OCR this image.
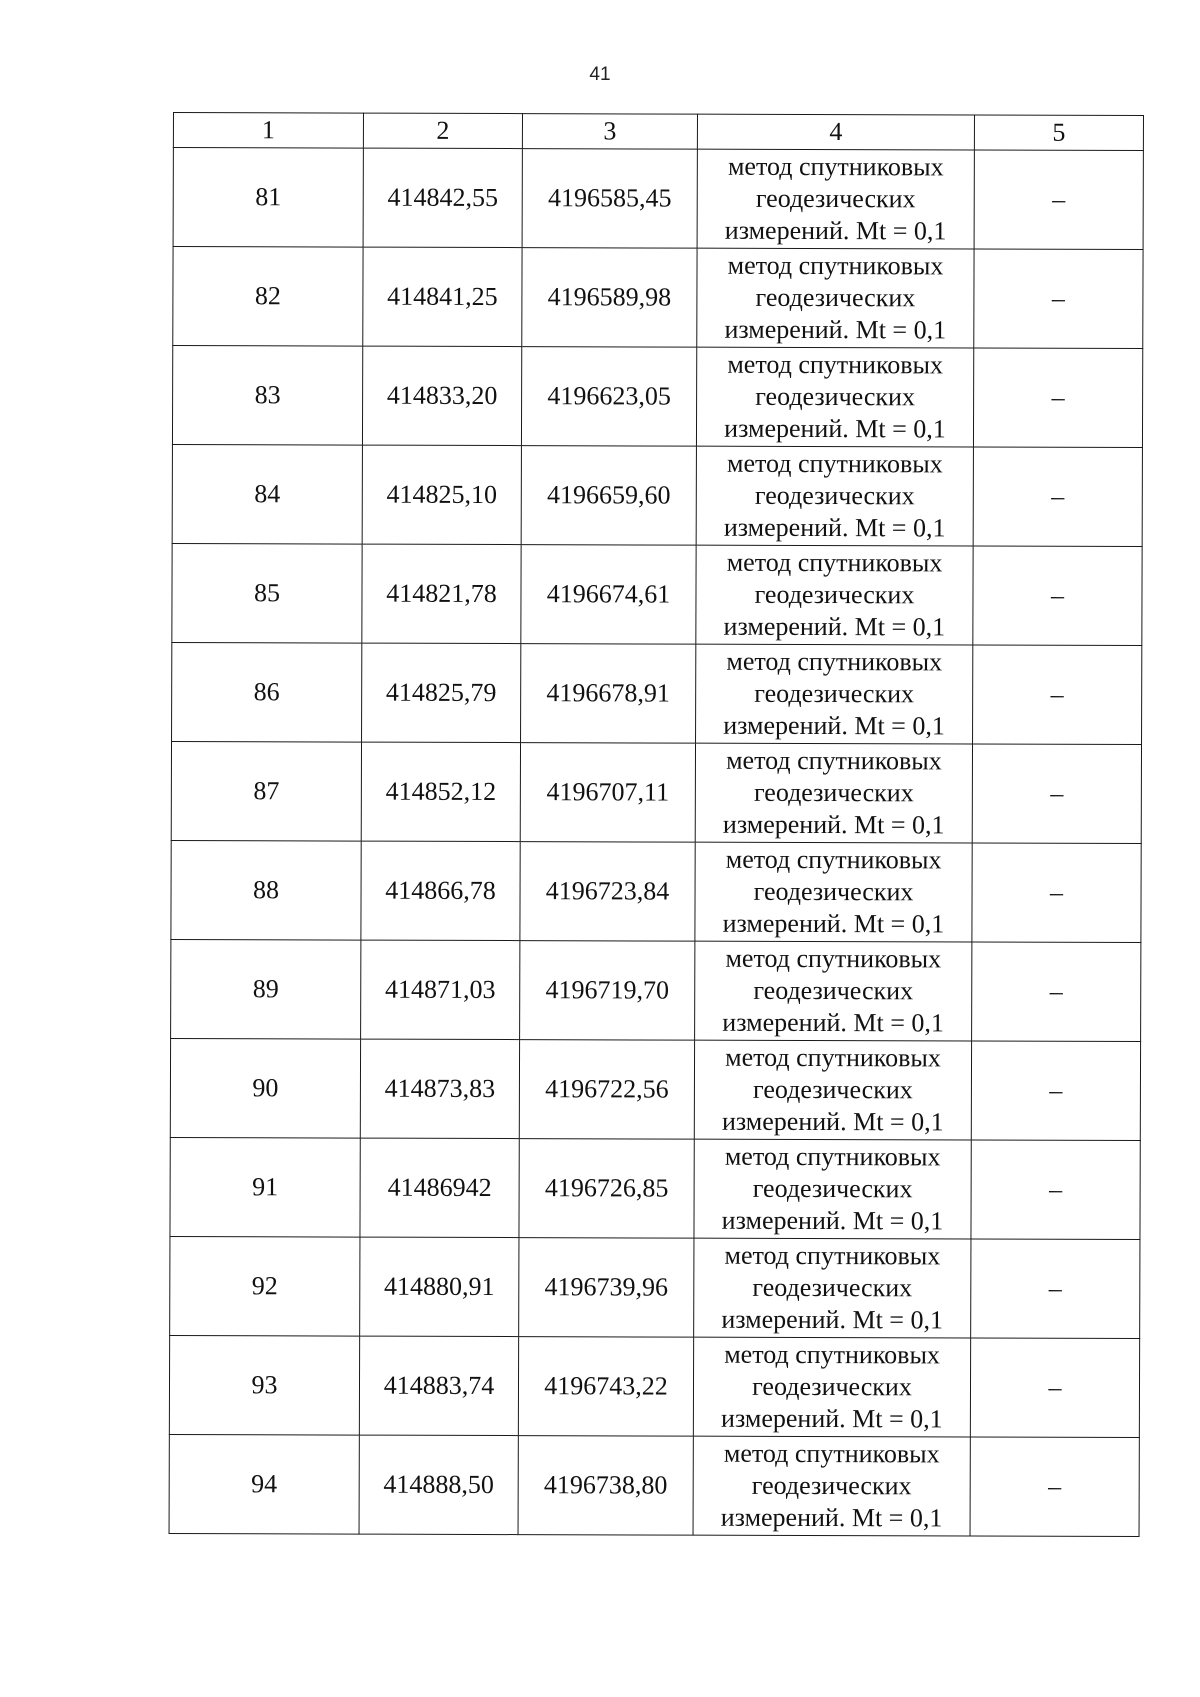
41
1	2	3	4	5
81	414842,55	4196585,45	метод спутниковых
геодезических
измерений. Mt = 0,1	–
82	414841,25	4196589,98	метод спутниковых
геодезических
измерений. Mt = 0,1	–
83	414833,20	4196623,05	метод спутниковых
геодезических
измерений. Mt = 0,1	–
84	414825,10	4196659,60	метод спутниковых
геодезических
измерений. Mt = 0,1	–
85	414821,78	4196674,61	метод спутниковых
геодезических
измерений. Mt = 0,1	–
86	414825,79	4196678,91	метод спутниковых
геодезических
измерений. Mt = 0,1	–
87	414852,12	4196707,11	метод спутниковых
геодезических
измерений. Mt = 0,1	–
88	414866,78	4196723,84	метод спутниковых
геодезических
измерений. Mt = 0,1	–
89	414871,03	4196719,70	метод спутниковых
геодезических
измерений. Mt = 0,1	–
90	414873,83	4196722,56	метод спутниковых
геодезических
измерений. Mt = 0,1	–
91	41486942	4196726,85	метод спутниковых
геодезических
измерений. Mt = 0,1	–
92	414880,91	4196739,96	метод спутниковых
геодезических
измерений. Mt = 0,1	–
93	414883,74	4196743,22	метод спутниковых
геодезических
измерений. Mt = 0,1	–
94	414888,50	4196738,80	метод спутниковых
геодезических
измерений. Mt = 0,1	–
